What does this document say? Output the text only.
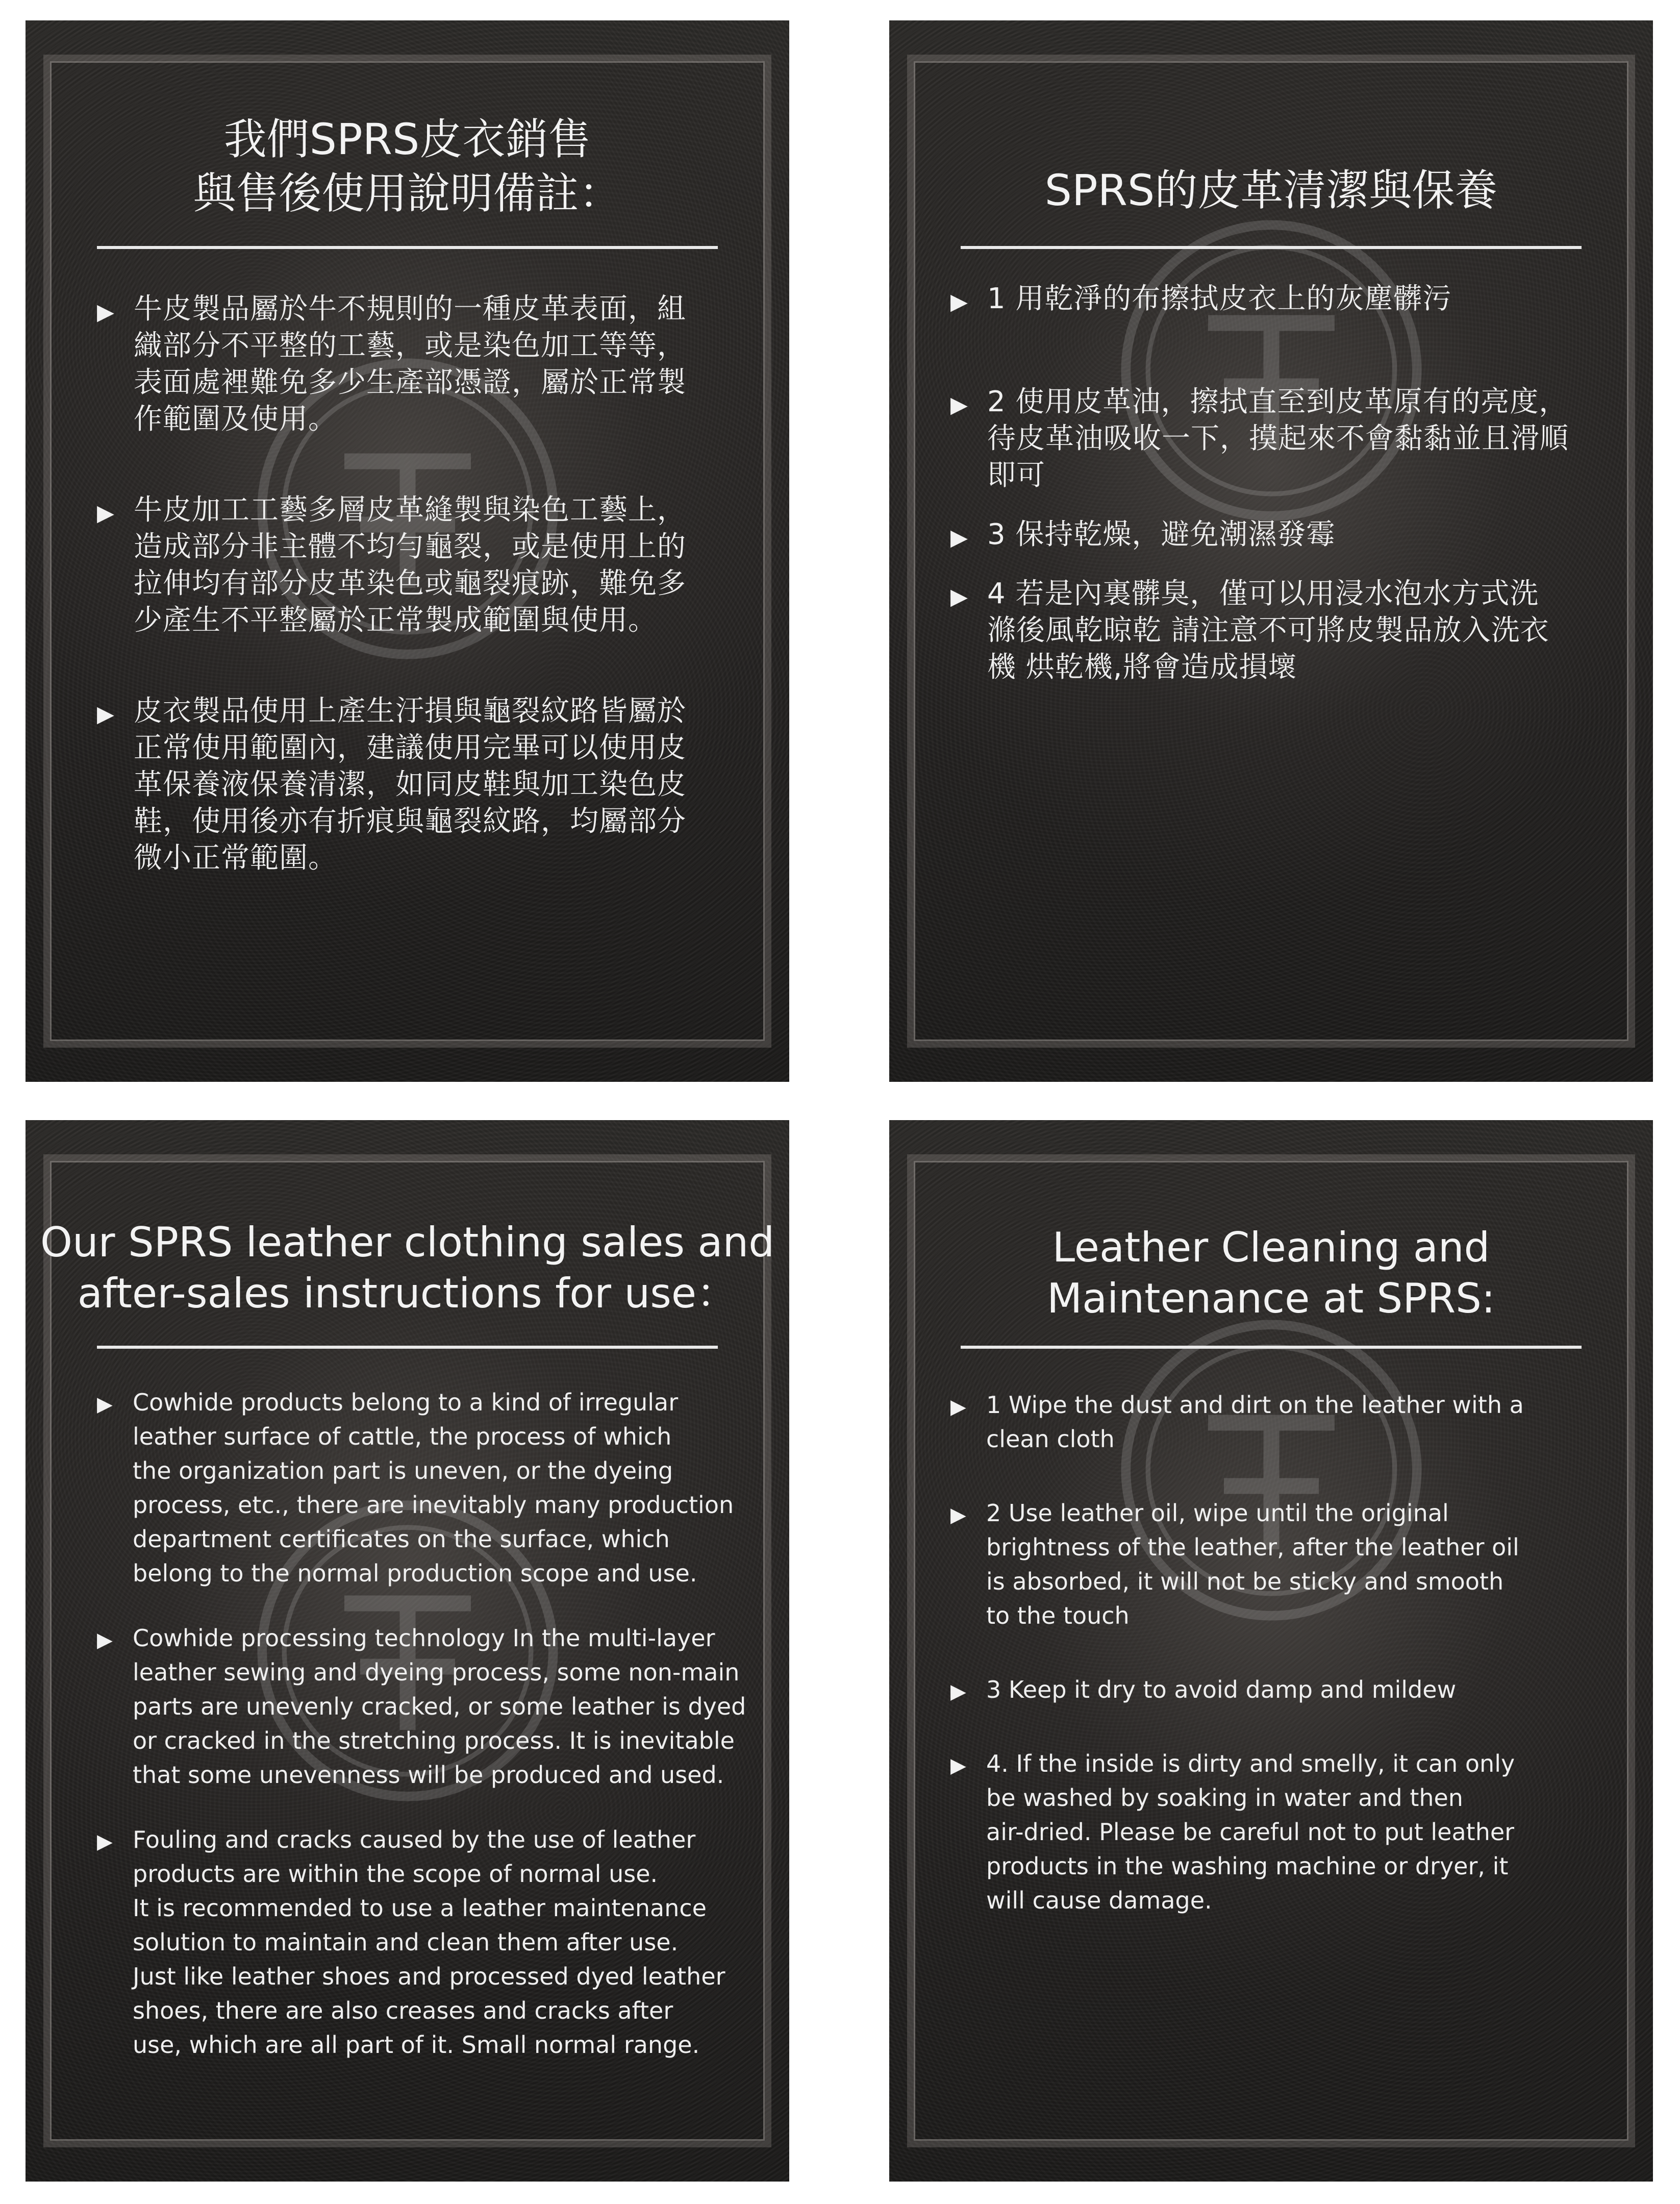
我們SPRS皮衣銷售
與售後使用說明備註：
▶ 牛皮製品屬於牛不規則的一種皮革表面，組
織部分不平整的工藝，或是染色加工等等，
表面處裡難免多少生產部憑證，屬於正常製
作範圍及使用。
▶ 牛皮加工工藝多層皮革縫製與染色工藝上，
造成部分非主體不均勻龜裂，或是使用上的
拉伸均有部分皮革染色或龜裂痕跡，難免多
少產生不平整屬於正常製成範圍與使用。
▶ 皮衣製品使用上產生汙損與龜裂紋路皆屬於
正常使用範圍內，建議使用完畢可以使用皮
革保養液保養清潔，如同皮鞋與加工染色皮
鞋，使用後亦有折痕與龜裂紋路，均屬部分
微小正常範圍。
SPRS的皮革清潔與保養
▶ 1 用乾淨的布擦拭皮衣上的灰塵髒污
▶ 2 使用皮革油，擦拭直至到皮革原有的亮度，
待皮革油吸收一下，摸起來不會黏黏並且滑順
即可
▶ 3 保持乾燥，避免潮濕發霉
▶ 4 若是內裏髒臭，僅可以用浸水泡水方式洗
滌後風乾晾乾 請注意不可將皮製品放入洗衣
機 烘乾機,將會造成損壞
Our SPRS leather clothing sales and
after-sales instructions for use：
▶ Cowhide products belong to a kind of irregular
leather surface of cattle, the process of which
the organization part is uneven, or the dyeing
process, etc., there are inevitably many production
department certificates on the surface, which
belong to the normal production scope and use.
▶ Cowhide processing technology In the multi-layer
leather sewing and dyeing process, some non-main
parts are unevenly cracked, or some leather is dyed
or cracked in the stretching process. It is inevitable
that some unevenness will be produced and used.
▶ Fouling and cracks caused by the use of leather
products are within the scope of normal use.
It is recommended to use a leather maintenance
solution to maintain and clean them after use.
Just like leather shoes and processed dyed leather
shoes, there are also creases and cracks after
use, which are all part of it. Small normal range.
Leather Cleaning and
Maintenance at SPRS:
▶ 1 Wipe the dust and dirt on the leather with a
clean cloth
▶ 2 Use leather oil, wipe until the original
brightness of the leather, after the leather oil
is absorbed, it will not be sticky and smooth
to the touch
▶ 3 Keep it dry to avoid damp and mildew
▶ 4. If the inside is dirty and smelly, it can only
be washed by soaking in water and then
air-dried. Please be careful not to put leather
products in the washing machine or dryer, it
will cause damage.
